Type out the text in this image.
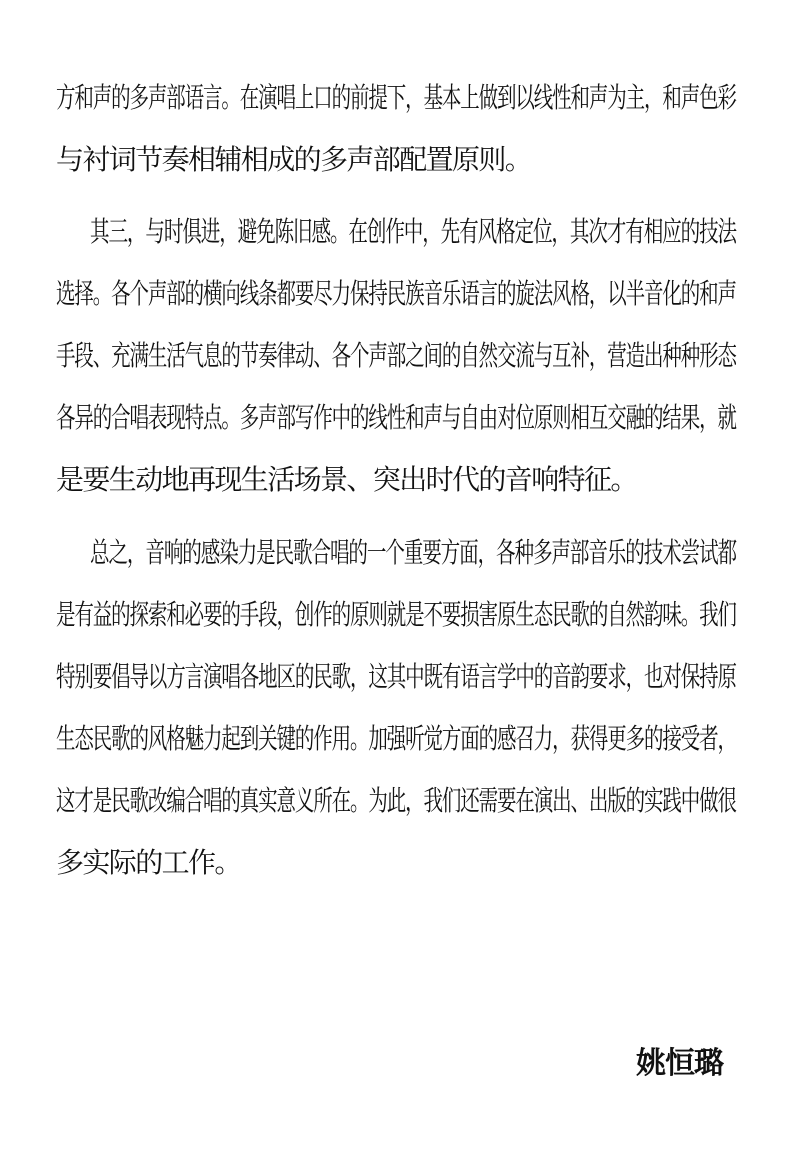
方和声的多声部语言。在演唱上口的前提下，基本上做到以线性和声为主，和声色彩
与衬词节奏相辅相成的多声部配置原则。
其三，与时俱进，避免陈旧感。在创作中，先有风格定位，其次才有相应的技法
选择。各个声部的横向线条都要尽力保持民族音乐语言的旋法风格，以半音化的和声
手段、充满生活气息的节奏律动、各个声部之间的自然交流与互补，营造出种种形态
各异的合唱表现特点。多声部写作中的线性和声与自由对位原则相互交融的结果，就
是要生动地再现生活场景、突出时代的音响特征。
总之，音响的感染力是民歌合唱的一个重要方面，各种多声部音乐的技术尝试都
是有益的探索和必要的手段，创作的原则就是不要损害原生态民歌的自然韵味。我们
特别要倡导以方言演唱各地区的民歌，这其中既有语言学中的音韵要求，也对保持原
生态民歌的风格魅力起到关键的作用。加强听觉方面的感召力，获得更多的接受者，
这才是民歌改编合唱的真实意义所在。为此，我们还需要在演出、出版的实践中做很
多实际的工作。
姚恒璐
